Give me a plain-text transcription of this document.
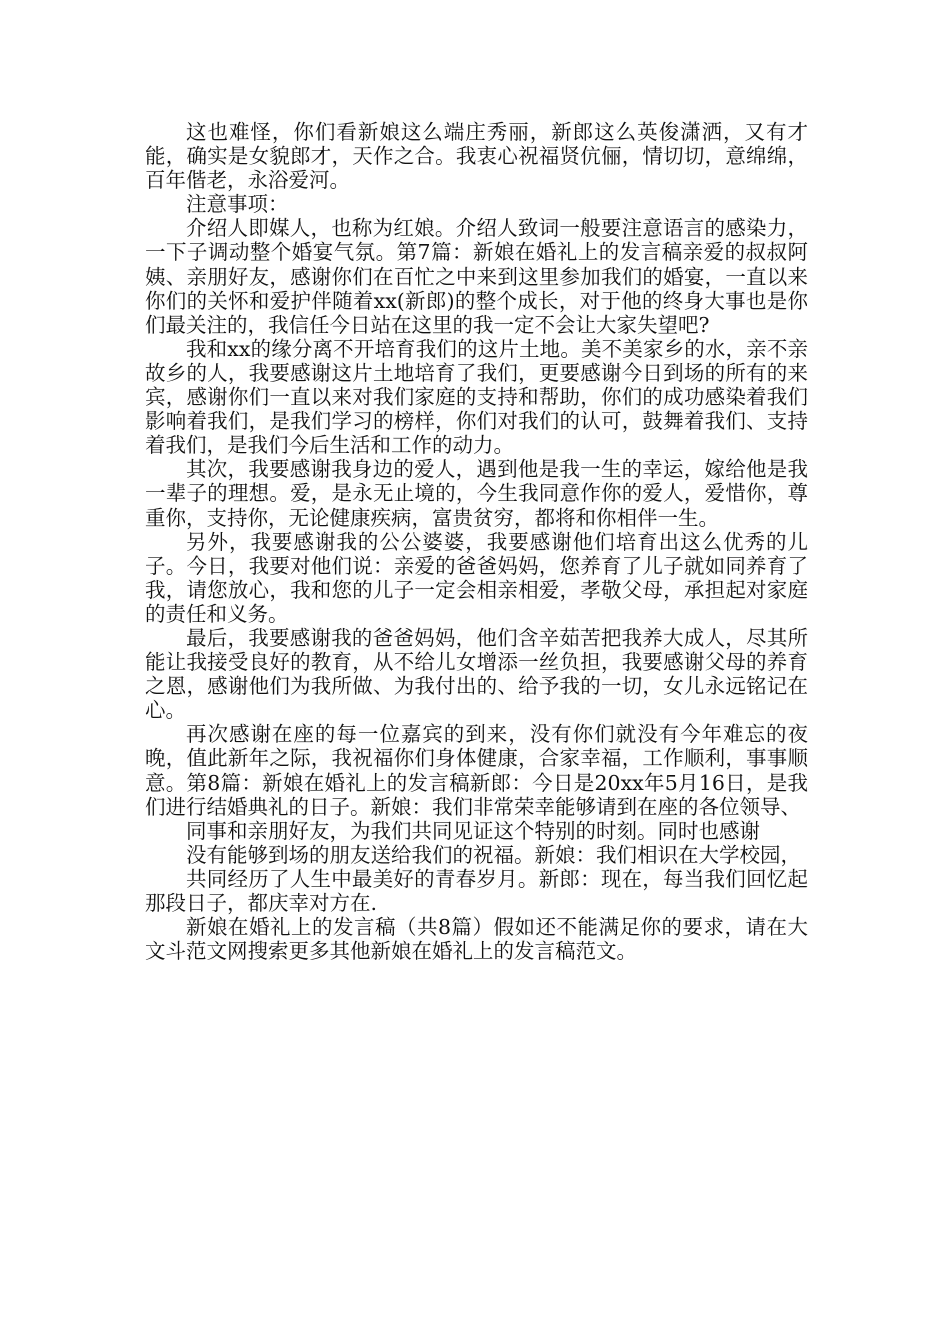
这也难怪，你们看新娘这么端庄秀丽，新郎这么英俊潇洒，又有才能，确实是女貌郎才，天作之合。我衷心祝福贤伉俪，情切切，意绵绵，百年偕老，永浴爱河。

注意事项：

介绍人即媒人，也称为红娘。介绍人致词一般要注意语言的感染力，一下子调动整个婚宴气氛。第7篇：新娘在婚礼上的发言稿亲爱的叔叔阿姨、亲朋好友，感谢你们在百忙之中来到这里参加我们的婚宴，一直以来你们的关怀和爱护伴随着xx(新郎)的整个成长，对于他的终身大事也是你们最关注的，我信任今日站在这里的我一定不会让大家失望吧?

我和xx的缘分离不开培育我们的这片土地。美不美家乡的水，亲不亲故乡的人，我要感谢这片土地培育了我们，更要感谢今日到场的所有的来宾，感谢你们一直以来对我们家庭的支持和帮助，你们的成功感染着我们影响着我们，是我们学习的榜样，你们对我们的认可，鼓舞着我们、支持着我们，是我们今后生活和工作的动力。

其次，我要感谢我身边的爱人，遇到他是我一生的幸运，嫁给他是我一辈子的理想。爱，是永无止境的，今生我同意作你的爱人，爱惜你，尊重你，支持你，无论健康疾病，富贵贫穷，都将和你相伴一生。

另外，我要感谢我的公公婆婆，我要感谢他们培育出这么优秀的儿子。今日，我要对他们说：亲爱的爸爸妈妈，您养育了儿子就如同养育了我，请您放心，我和您的儿子一定会相亲相爱，孝敬父母，承担起对家庭的责任和义务。

最后，我要感谢我的爸爸妈妈，他们含辛茹苦把我养大成人，尽其所能让我接受良好的教育，从不给儿女增添一丝负担，我要感谢父母的养育之恩，感谢他们为我所做、为我付出的、给予我的一切，女儿永远铭记在心。

再次感谢在座的每一位嘉宾的到来，没有你们就没有今年难忘的夜晚，值此新年之际，我祝福你们身体健康，合家幸福，工作顺利，事事顺意。第8篇：新娘在婚礼上的发言稿新郎：今日是20xx年5月16日，是我们进行结婚典礼的日子。新娘：我们非常荣幸能够请到在座的各位领导、

同事和亲朋好友，为我们共同见证这个特别的时刻。同时也感谢

没有能够到场的朋友送给我们的祝福。新娘：我们相识在大学校园，

共同经历了人生中最美好的青春岁月。新郎：现在，每当我们回忆起那段日子，都庆幸对方在.

新娘在婚礼上的发言稿（共8篇）假如还不能满足你的要求，请在大文斗范文网搜索更多其他新娘在婚礼上的发言稿范文。
